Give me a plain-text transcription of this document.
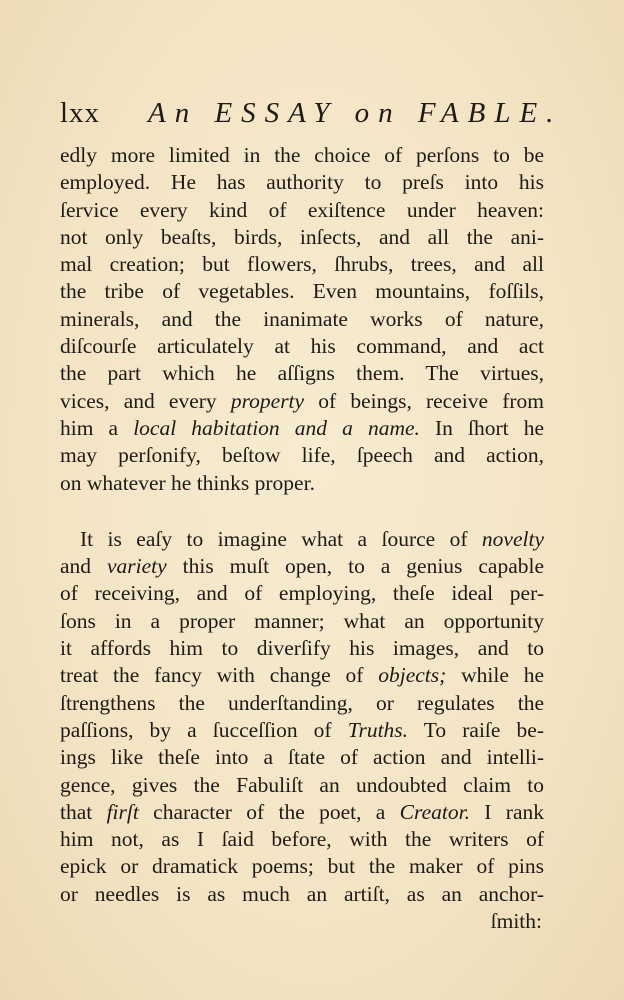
lxx An ESSAY on FABLE.
edly more limited in the choice of perſons to be
employed. He has authority to preſs into his
ſervice every kind of exiſtence under heaven:
not only beaſts, birds, inſects, and all the ani-
mal creation; but flowers, ſhrubs, trees, and all
the tribe of vegetables. Even mountains, foſſils,
minerals, and the inanimate works of nature,
diſcourſe articulately at his command, and act
the part which he aſſigns them. The virtues,
vices, and every property of beings, receive from
him a local habitation and a name. In ſhort he
may perſonify, beſtow life, ſpeech and action,
on whatever he thinks proper.
It is eaſy to imagine what a ſource of novelty
and variety this muſt open, to a genius capable
of receiving, and of employing, theſe ideal per-
ſons in a proper manner; what an opportunity
it affords him to diverſify his images, and to
treat the fancy with change of objects; while he
ſtrengthens the underſtanding, or regulates the
paſſions, by a ſucceſſion of Truths. To raiſe be-
ings like theſe into a ſtate of action and intelli-
gence, gives the Fabuliſt an undoubted claim to
that firſt character of the poet, a Creator. I rank
him not, as I ſaid before, with the writers of
epick or dramatick poems; but the maker of pins
or needles is as much an artiſt, as an anchor-
ſmith:
